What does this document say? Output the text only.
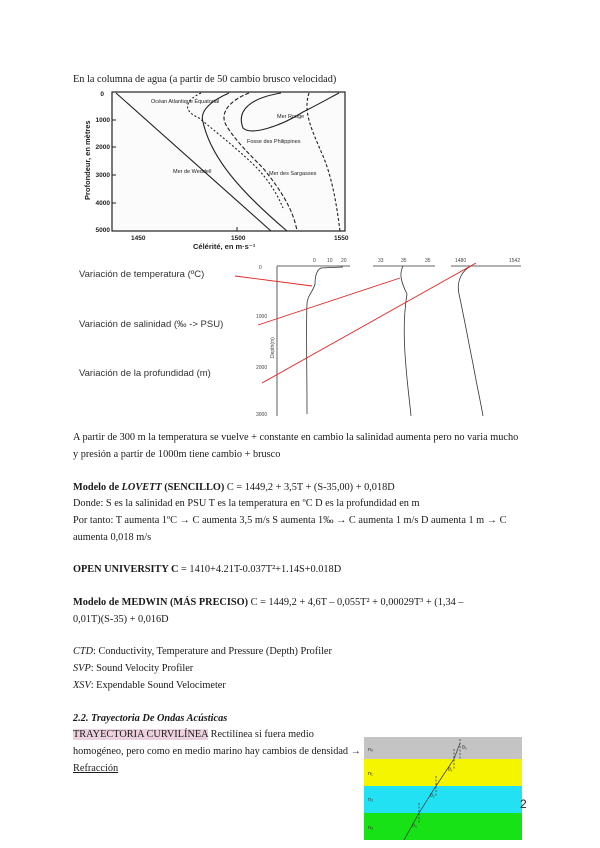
En la columna de agua (a partir de 50 cambio brusco velocidad)
0
1000
2000
3000
4000
5000
1450	1500	1550
Célérité, en m·s⁻¹
Profondeur, en mètres
Océan Atlantique Équatorial
Mer Rouge
Fosse des Philippines
Mer de Weddell	Mer des Sargasses
0 10 20	33	35	35	1480	1542
0
1000
2000
3000
Depth(m)
Variación de temperatura (ºC)
Variación de salinidad (‰ -> PSU)
Variación de la profundidad (m)
A partir de 300 m la temperatura se vuelve + constante en cambio la salinidad aumenta pero no varia mucho
y presión a partir de 1000m tiene cambio + brusco
Modelo de LOVETT (SENCILLO) C = 1449,2 + 3,5T + (S-35,00) + 0,018D
Donde: S es la salinidad en PSU T es la temperatura en ºC D es la profundidad en m
Por tanto: T aumenta 1ºC → C aumenta 3,5 m/s S aumenta 1‰ → C aumenta 1 m/s D aumenta 1 m → C
aumenta 0,018 m/s
OPEN UNIVERSITY C = 1410+4.21T-0.037T²+1.14S+0.018D
Modelo de MEDWIN (MÁS PRECISO) C = 1449,2 + 4,6T – 0,055T² + 0,00029T³ + (1,34 –
0,01T)(S-35) + 0,016D
CTD: Conductivity, Temperature and Pressure (Depth) Profiler
SVP: Sound Velocity Profiler
XSV: Expendable Sound Velocimeter
2.2. Trayectoria De Ondas Acústicas
TRAYECTORIA CURVILÍNEA Rectilínea si fuera medio
homogéneo, pero como en medio marino hay cambios de densidad →
Refracción
n₀
n₁
n₂
n₃
θ₀
θ₁
θ₂
θ₃
2
